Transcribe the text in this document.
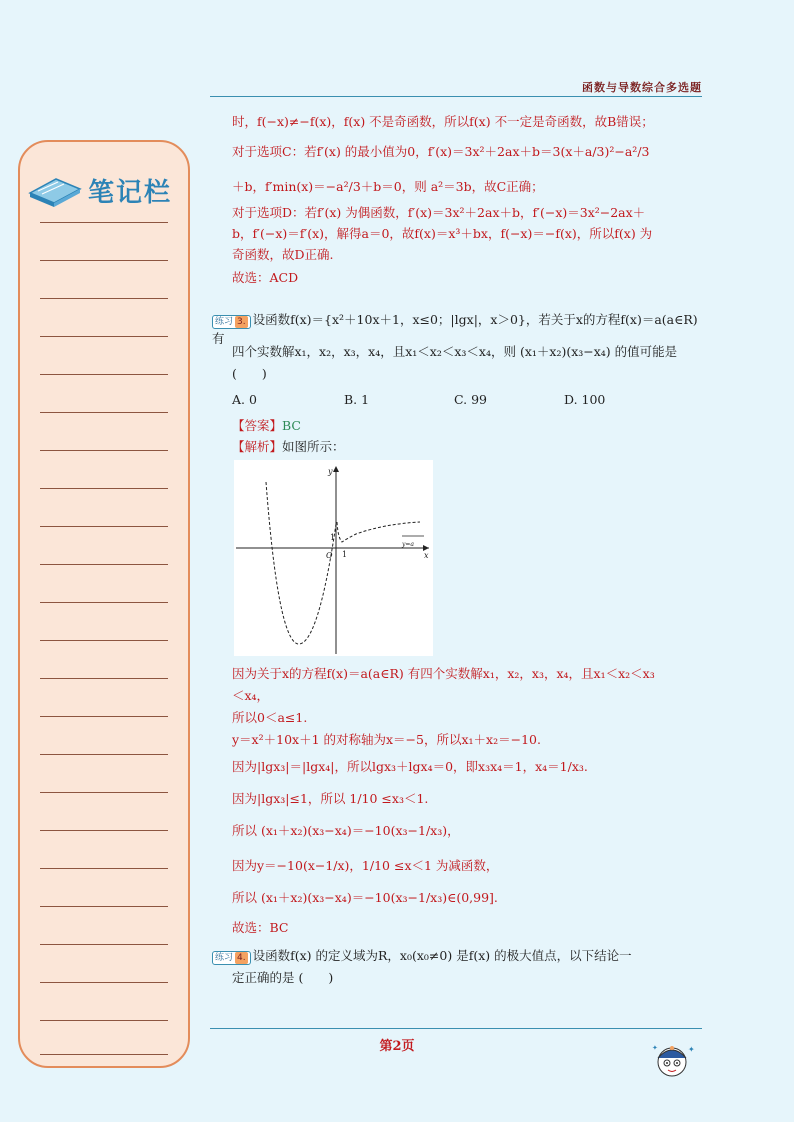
函数与导数综合多选题
笔记栏
时，f(−x)≠−f(x)，f(x) 不是奇函数，所以f(x) 不一定是奇函数，故B错误；
对于选项C：若f′(x) 的最小值为0，f′(x)＝3x²＋2ax＋b＝3(x＋a/3)²−a²/3
＋b，f′min(x)＝−a²/3＋b＝0，则 a²＝3b，故C正确；
对于选项D：若f′(x) 为偶函数，f′(x)＝3x²＋2ax＋b，f′(−x)＝3x²−2ax＋
b，f′(−x)＝f′(x)，解得a＝0，故f(x)＝x³＋bx，f(−x)＝−f(x)，所以f(x) 为
奇函数，故D正确.
故选：ACD
练习 3. 设函数f(x)＝{x²＋10x＋1，x≤0；|lgx|，x＞0}，若关于x的方程f(x)＝a(a∈R) 有
四个实数解x₁，x₂，x₃，x₄，且x₁＜x₂＜x₃＜x₄，则 (x₁＋x₂)(x₃−x₄) 的值可能是
(　　)
A. 0	B. 1	C. 99	D. 100
【答案】BC
【解析】如图所示：
y
x
O 1
1
y=a
因为关于x的方程f(x)＝a(a∈R) 有四个实数解x₁，x₂，x₃，x₄，且x₁＜x₂＜x₃
＜x₄，
所以0＜a≤1.
y＝x²＋10x＋1 的对称轴为x＝−5，所以x₁＋x₂＝−10.
因为|lgx₃|＝|lgx₄|，所以lgx₃＋lgx₄＝0，即x₃x₄＝1，x₄＝1/x₃.
因为|lgx₃|≤1，所以 1/10 ≤x₃＜1.
所以 (x₁＋x₂)(x₃−x₄)＝−10(x₃−1/x₃)，
因为y＝−10(x−1/x)，1/10 ≤x＜1 为减函数，
所以 (x₁＋x₂)(x₃−x₄)＝−10(x₃−1/x₃)∈(0,99].
故选：BC
练习 4. 设函数f(x) 的定义域为R，x₀(x₀≠0) 是f(x) 的极大值点，以下结论一
定正确的是 (　　)
第2页	✦
✦
